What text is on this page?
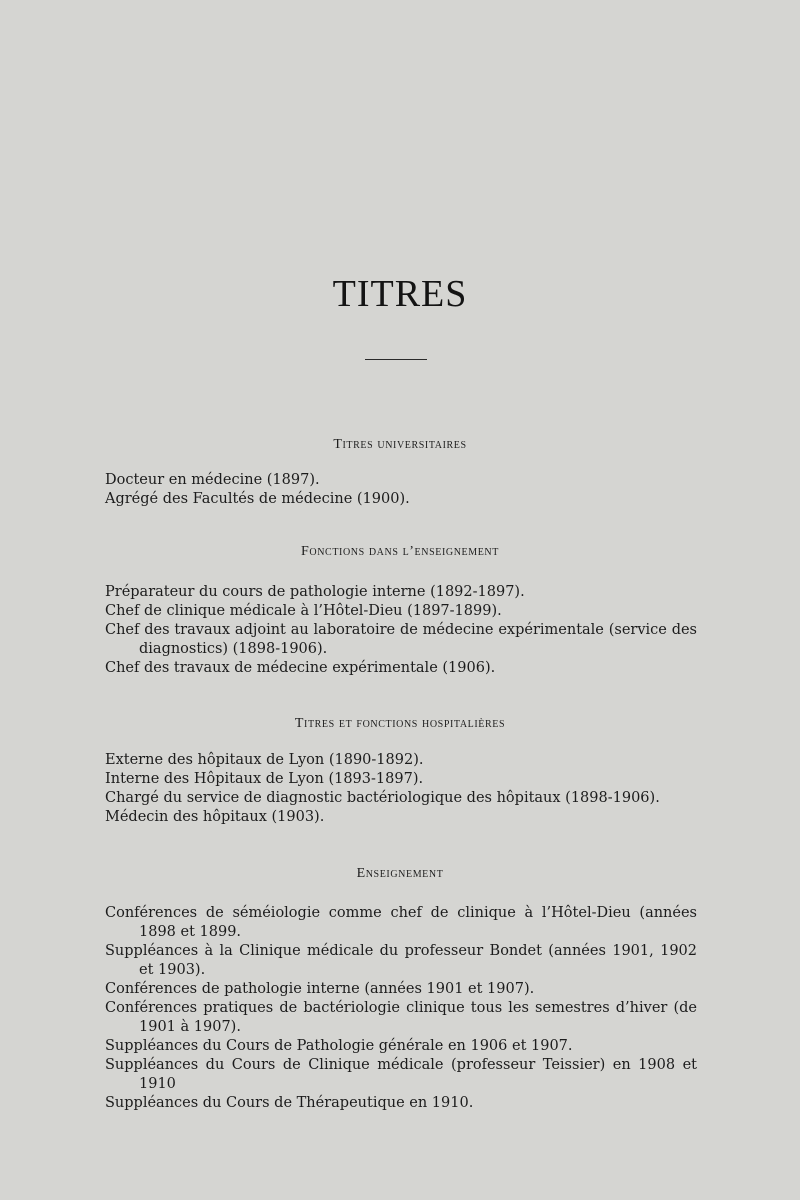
TITRES
Titres universitaires
Docteur en médecine (1897).
Agrégé des Facultés de médecine (1900).
Fonctions dans l’enseignement
Préparateur du cours de pathologie interne (1892-1897).
Chef de clinique médicale à l’Hôtel-Dieu (1897-1899).
Chef des travaux adjoint au laboratoire de médecine expérimentale (service des diagnostics) (1898-1906).
Chef des travaux de médecine expérimentale (1906).
Titres et fonctions hospitalières
Externe des hôpitaux de Lyon (1890-1892).
Interne des Hôpitaux de Lyon (1893-1897).
Chargé du service de diagnostic bactériologique des hôpitaux (1898-1906).
Médecin des hôpitaux (1903).
Enseignement
Conférences de séméiologie comme chef de clinique à l’Hôtel-Dieu (années 1898 et 1899.
Suppléances à la Clinique médicale du professeur Bondet (années 1901, 1902 et 1903).
Conférences de pathologie interne (années 1901 et 1907).
Conférences pratiques de bactériologie clinique tous les semestres d’hiver (de 1901 à 1907).
Suppléances du Cours de Pathologie générale en 1906 et 1907.
Suppléances du Cours de Clinique médicale (professeur Teissier) en 1908 et 1910
Suppléances du Cours de Thérapeutique en 1910.
